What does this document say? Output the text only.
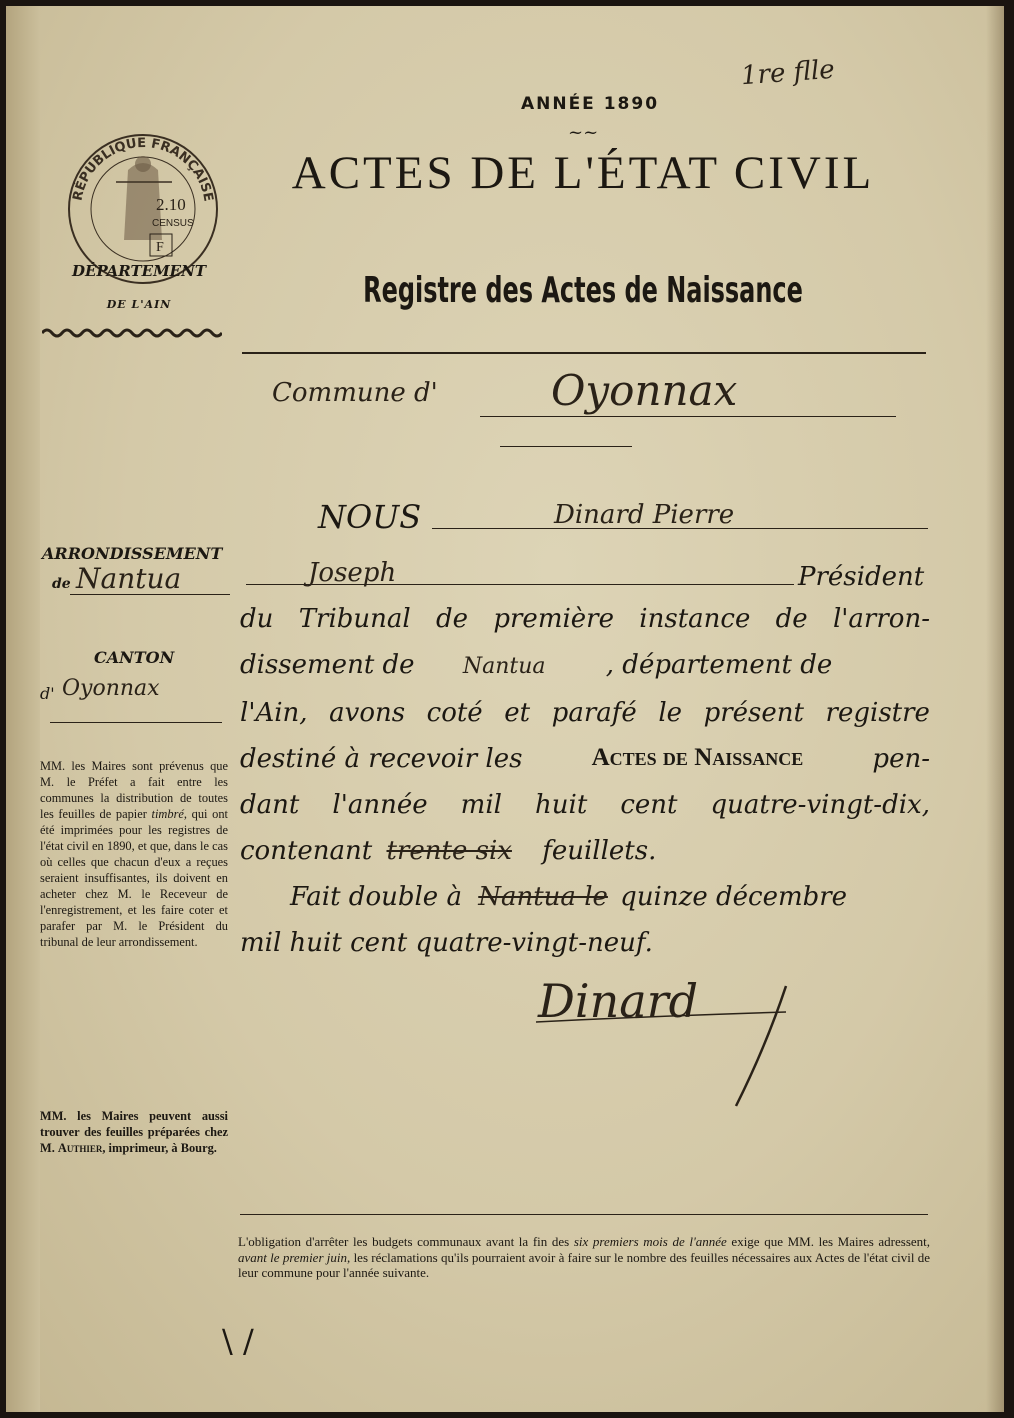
1re flle
ANNÉE 1890
~~
ACTES DE L'ÉTAT CIVIL
RÉPUBLIQUE FRANÇAISE
2.10
CENSUS
F
DÉPARTEMENT
DE L'AIN	Registre des Actes de Naissance
Commune d'	Oyonnax
NOUS	Dinard Pierre
ARRONDISSEMENT
de Nantua
CANTON
d' Oyonnax
MM. les Maires sont prévenus que M. le Préfet a fait entre les communes la distribution de toutes les feuilles de papier timbré, qui ont été imprimées pour les registres de l'état civil en 1890, et que, dans le cas où celles que chacun d'eux a reçues seraient insuffisantes, ils doivent en acheter chez M. le Receveur de l'enregistrement, et les faire coter et parafer par M. le Président du tribunal de leur arrondissement.
MM. les Maires peuvent aussi trouver des feuilles préparées chez M. Authier, imprimeur, à Bourg.
Joseph	Président
du Tribunal de première instance de l'arron-
dissement de Nantua , département de
l'Ain, avons coté et parafé le présent registre
destiné à recevoir les	Actes de Naissance	pen-
dant l'année mil huit cent quatre-vingt-dix,
contenant trente six feuillets.
Fait double à Nantua le quinze décembre
mil huit cent quatre-vingt-neuf.
Dinard
L'obligation d'arrêter les budgets communaux avant la fin des six premiers mois de l'année exige que MM. les Maires adressent, avant le premier juin, les réclamations qu'ils pourraient avoir à faire sur le nombre des feuilles nécessaires aux Actes de l'état civil de leur commune pour l'année suivante.
\ /
